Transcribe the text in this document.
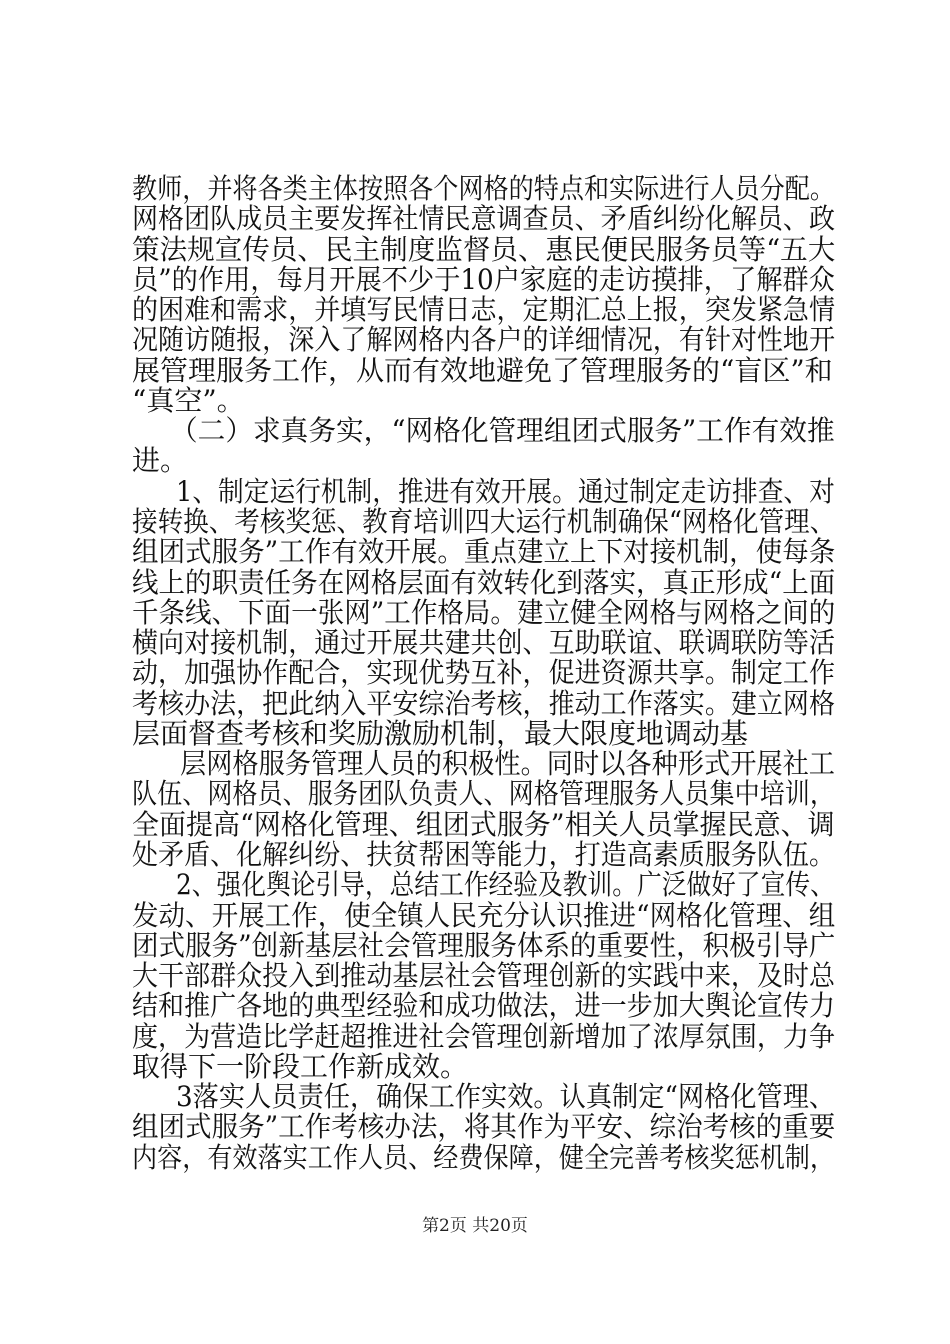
教师，并将各类主体按照各个网格的特点和实际进行人员分配。
网格团队成员主要发挥社情民意调查员、矛盾纠纷化解员、政
策法规宣传员、民主制度监督员、惠民便民服务员等“五大
员”的作用，每月开展不少于10户家庭的走访摸排，了解群众
的困难和需求，并填写民情日志，定期汇总上报，突发紧急情
况随访随报，深入了解网格内各户的详细情况，有针对性地开
展管理服务工作，从而有效地避免了管理服务的“盲区”和
“真空”。
（二）求真务实，“网格化管理组团式服务”工作有效推
进。
1、制定运行机制，推进有效开展。通过制定走访排查、对
接转换、考核奖惩、教育培训四大运行机制确保“网格化管理、
组团式服务”工作有效开展。重点建立上下对接机制，使每条
线上的职责任务在网格层面有效转化到落实，真正形成“上面
千条线、下面一张网”工作格局。建立健全网格与网格之间的
横向对接机制，通过开展共建共创、互助联谊、联调联防等活
动，加强协作配合，实现优势互补，促进资源共享。制定工作
考核办法，把此纳入平安综治考核，推动工作落实。建立网格
层面督查考核和奖励激励机制，最大限度地调动基
层网格服务管理人员的积极性。同时以各种形式开展社工
队伍、网格员、服务团队负责人、网格管理服务人员集中培训，
全面提高“网格化管理、组团式服务”相关人员掌握民意、调
处矛盾、化解纠纷、扶贫帮困等能力，打造高素质服务队伍。
2、强化舆论引导，总结工作经验及教训。广泛做好了宣传、
发动、开展工作，使全镇人民充分认识推进“网格化管理、组
团式服务”创新基层社会管理服务体系的重要性，积极引导广
大干部群众投入到推动基层社会管理创新的实践中来，及时总
结和推广各地的典型经验和成功做法，进一步加大舆论宣传力
度，为营造比学赶超推进社会管理创新增加了浓厚氛围，力争
取得下一阶段工作新成效。
3落实人员责任，确保工作实效。认真制定“网格化管理、
组团式服务”工作考核办法，将其作为平安、综治考核的重要
内容，有效落实工作人员、经费保障，健全完善考核奖惩机制，
第2页 共20页
